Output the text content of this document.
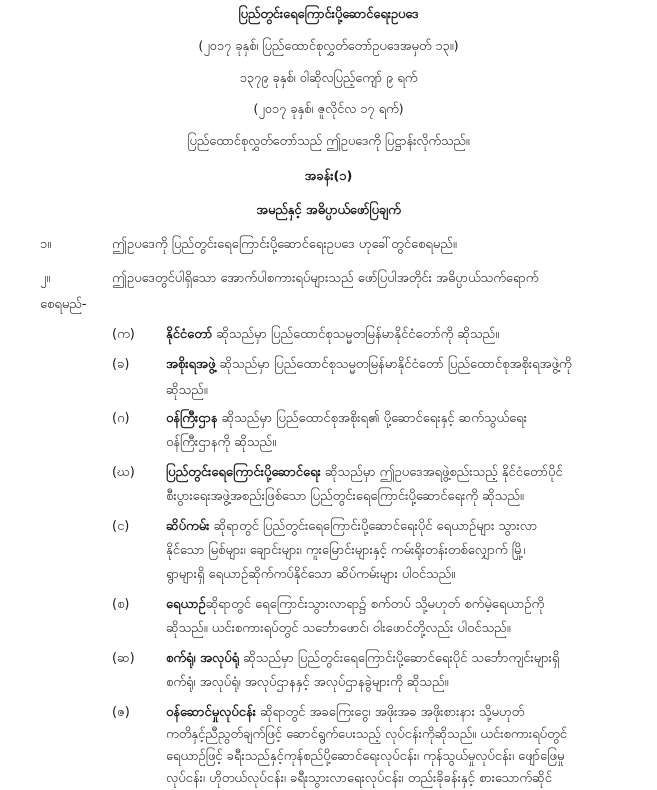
ပြည်တွင်းရေကြောင်းပို့ဆောင်ရေးဥပဒေ
(၂၀၁၇ ခုနှစ်၊ ပြည်ထောင်စုလွှတ်တော်ဥပဒေအမှတ် ၁၃။)
၁၃၇၉ ခုနှစ်၊ ဝါဆိုလပြည့်ကျော် ၉ ရက်
(၂၀၁၇ ခုနှစ်၊ ဇူလိုင်လ ၁၇ ရက်)
ပြည်ထောင်စုလွှတ်တော်သည် ဤဥပဒေကို ပြဋ္ဌာန်းလိုက်သည်။
အခန်း(၁)
အမည်နှင့် အဓိပ္ပာယ်ဖော်ပြချက်
၁။	ဤဥပဒေကို ပြည်တွင်းရေကြောင်းပို့ဆောင်ရေးဥပဒေ ဟုခေါ်တွင်စေရမည်။
၂။	ဤဥပဒေတွင်ပါရှိသော အောက်ပါစကားရပ်များသည် ဖော်ပြပါအတိုင်း အဓိပ္ပာယ်သက်ရောက်
စေရမည်-
(က) နိုင်ငံတော် ဆိုသည်မှာ ပြည်ထောင်စုသမ္မတမြန်မာနိုင်ငံတော်ကို ဆိုသည်။
(ခ)	အစိုးရအဖွဲ့ ဆိုသည်မှာ ပြည်ထောင်စုသမ္မတမြန်မာနိုင်ငံတော် ပြည်ထောင်စုအစိုးရအဖွဲ့ကို
ဆိုသည်။
(ဂ)	ဝန်ကြီးဌာန ဆိုသည်မှာ ပြည်ထောင်စုအစိုးရ၏ ပို့ဆောင်ရေးနှင့် ဆက်သွယ်ရေး
ဝန်ကြီးဌာနကို ဆိုသည်။
(ဃ) ပြည်တွင်းရေကြောင်းပို့ဆောင်ရေး ဆိုသည်မှာ ဤဥပဒေအရဖွဲ့စည်းသည့် နိုင်ငံတော်ပိုင်
စီးပွားရေးအဖွဲ့အစည်းဖြစ်သော ပြည်တွင်းရေကြောင်းပို့ဆောင်ရေးကို ဆိုသည်။
(င)	ဆိပ်ကမ်း ဆိုရာတွင် ပြည်တွင်းရေကြောင်းပို့ဆောင်ရေးပိုင် ရေယာဉ်များ သွားလာ
နိုင်သော မြစ်များ၊ ချောင်းများ၊ ကူးမြောင်းများနှင့် ကမ်းရိုးတန်းတစ်လျှောက် မြို့၊
ရွာများရှိ ရေယာဉ်ဆိုက်ကပ်နိုင်သော ဆိပ်ကမ်းများ ပါဝင်သည်။
(စ)	ရေယာဉ်ဆိုရာတွင် ရေကြောင်းသွားလာရာ၌ စက်တပ် သို့မဟုတ် စက်မဲ့ရေယာဉ်ကို
ဆိုသည်။ ယင်းစကားရပ်တွင် သင်္ဘောဖောင်၊ ဝါးဖောင်တို့လည်း ပါဝင်သည်။
(ဆ) စက်ရုံ၊ အလုပ်ရုံ ဆိုသည်မှာ ပြည်တွင်းရေကြောင်းပို့ဆောင်ရေးပိုင် သင်္ဘောကျင်းများရှိ
စက်ရုံ၊ အလုပ်ရုံ၊ အလုပ်ဌာနနှင့် အလုပ်ဌာနခွဲများကို ဆိုသည်။
(ဇ)	ဝန်ဆောင်မှုလုပ်ငန်း ဆိုရာတွင် အခကြေးငွေ၊ အဖိုးအခ အဖိုးစားနား သို့မဟုတ်
ကတိနှင့်ညီညွတ်ချက်ဖြင့် ဆောင်ရွက်ပေးသည့် လုပ်ငန်းကိုဆိုသည်။ ယင်းစကားရပ်တွင်
ရေယာဉ်ဖြင့် ခရီးသည်နှင့်ကုန်စည်ပို့ဆောင်ရေးလုပ်ငန်း၊ ကုန်သွယ်မှုလုပ်ငန်း၊ ဖျော်ဖြေမှု
လုပ်ငန်း၊ ဟိုတယ်လုပ်ငန်း၊ ခရီးသွားလာရေးလုပ်ငန်း၊ တည်းခိုခန်းနှင့် စားသောက်ဆိုင်
